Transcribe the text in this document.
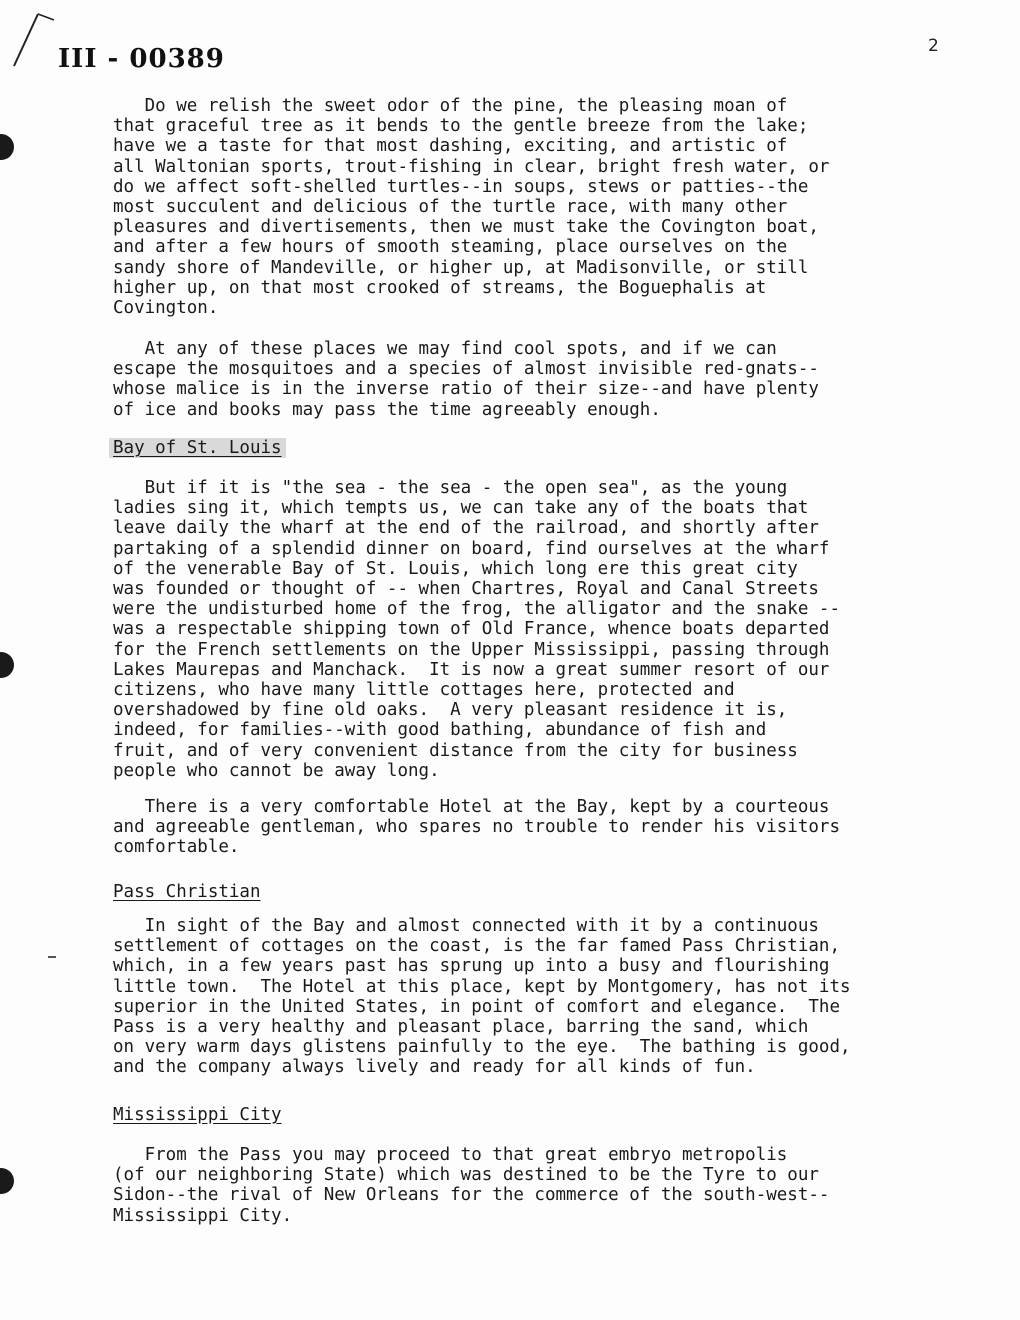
III - 00389	2

Do we relish the sweet odor of the pine, the pleasing moan of
that graceful tree as it bends to the gentle breeze from the lake;
have we a taste for that most dashing, exciting, and artistic of
all Waltonian sports, trout-fishing in clear, bright fresh water, or
do we affect soft-shelled turtles--in soups, stews or patties--the
most succulent and delicious of the turtle race, with many other
pleasures and divertisements, then we must take the Covington boat,
and after a few hours of smooth steaming, place ourselves on the
sandy shore of Mandeville, or higher up, at Madisonville, or still
higher up, on that most crooked of streams, the Boguephalis at
Covington.

At any of these places we may find cool spots, and if we can
escape the mosquitoes and a species of almost invisible red-gnats--
whose malice is in the inverse ratio of their size--and have plenty
of ice and books may pass the time agreeably enough.

Bay of St. Louis

But if it is "the sea - the sea - the open sea", as the young
ladies sing it, which tempts us, we can take any of the boats that
leave daily the wharf at the end of the railroad, and shortly after
partaking of a splendid dinner on board, find ourselves at the wharf
of the venerable Bay of St. Louis, which long ere this great city
was founded or thought of -- when Chartres, Royal and Canal Streets
were the undisturbed home of the frog, the alligator and the snake --
was a respectable shipping town of Old France, whence boats departed
for the French settlements on the Upper Mississippi, passing through
Lakes Maurepas and Manchack.  It is now a great summer resort of our
citizens, who have many little cottages here, protected and
overshadowed by fine old oaks.  A very pleasant residence it is,
indeed, for families--with good bathing, abundance of fish and
fruit, and of very convenient distance from the city for business
people who cannot be away long.

There is a very comfortable Hotel at the Bay, kept by a courteous
and agreeable gentleman, who spares no trouble to render his visitors
comfortable.

Pass Christian

In sight of the Bay and almost connected with it by a continuous
settlement of cottages on the coast, is the far famed Pass Christian,
which, in a few years past has sprung up into a busy and flourishing
little town.  The Hotel at this place, kept by Montgomery, has not its
superior in the United States, in point of comfort and elegance.  The
Pass is a very healthy and pleasant place, barring the sand, which
on very warm days glistens painfully to the eye.  The bathing is good,
and the company always lively and ready for all kinds of fun.

Mississippi City

From the Pass you may proceed to that great embryo metropolis
(of our neighboring State) which was destined to be the Tyre to our
Sidon--the rival of New Orleans for the commerce of the south-west--
Mississippi City.
